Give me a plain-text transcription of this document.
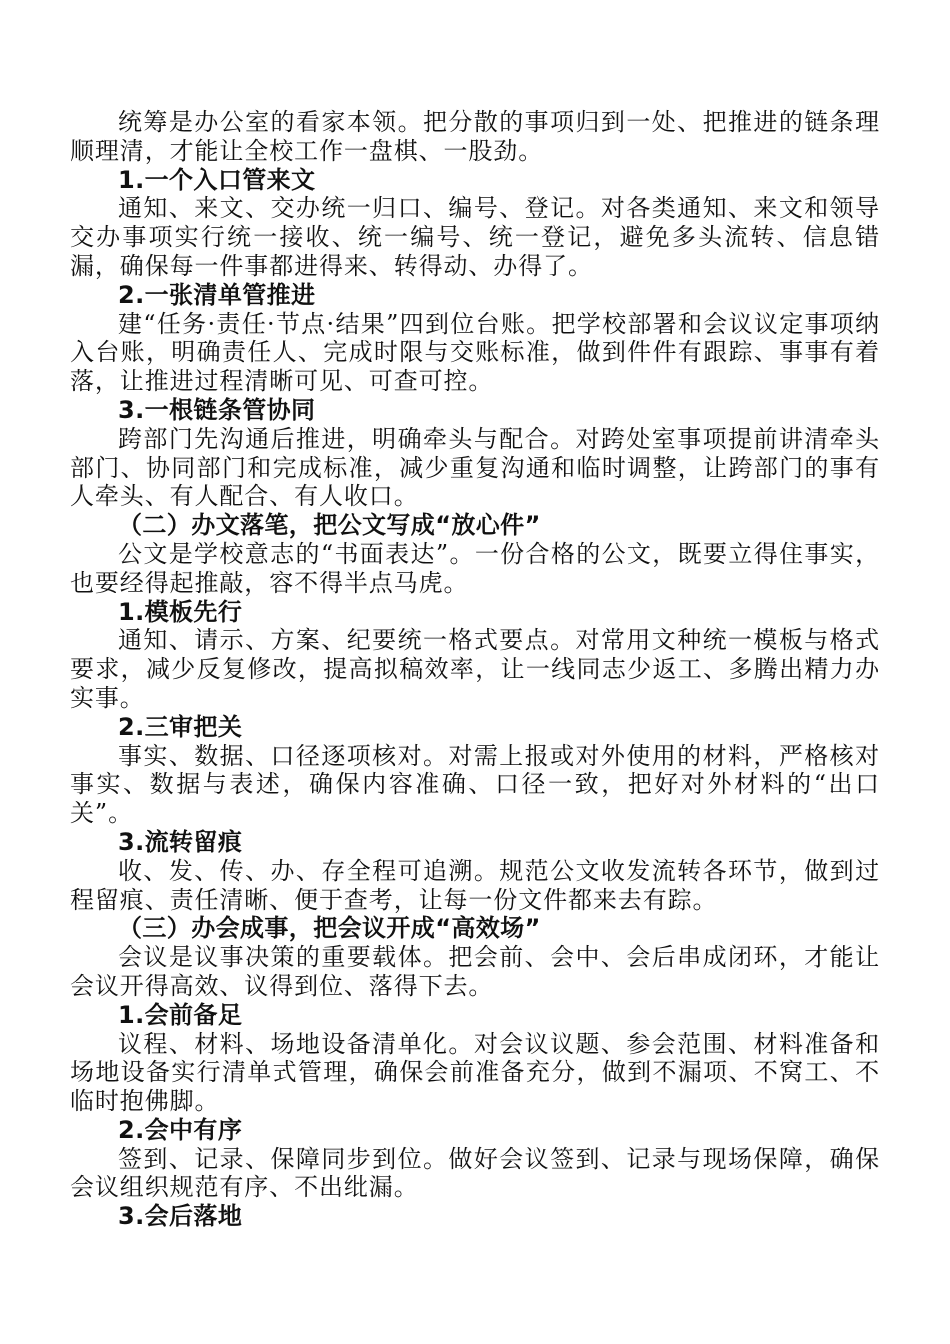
统筹是办公室的看家本领。把分散的事项归到一处、把推进的链条理顺理清，才能让全校工作一盘棋、一股劲。

1.一个入口管来文

通知、来文、交办统一归口、编号、登记。对各类通知、来文和领导交办事项实行统一接收、统一编号、统一登记，避免多头流转、信息错漏，确保每一件事都进得来、转得动、办得了。

2.一张清单管推进

建“任务·责任·节点·结果”四到位台账。把学校部署和会议议定事项纳入台账，明确责任人、完成时限与交账标准，做到件件有跟踪、事事有着落，让推进过程清晰可见、可查可控。

3.一根链条管协同

跨部门先沟通后推进，明确牵头与配合。对跨处室事项提前讲清牵头部门、协同部门和完成标准，减少重复沟通和临时调整，让跨部门的事有人牵头、有人配合、有人收口。

（二）办文落笔，把公文写成“放心件”

公文是学校意志的“书面表达”。一份合格的公文，既要立得住事实，也要经得起推敲，容不得半点马虎。

1.模板先行

通知、请示、方案、纪要统一格式要点。对常用文种统一模板与格式要求，减少反复修改，提高拟稿效率，让一线同志少返工、多腾出精力办实事。

2.三审把关

事实、数据、口径逐项核对。对需上报或对外使用的材料，严格核对事实、数据与表述，确保内容准确、口径一致，把好对外材料的“出口关”。

3.流转留痕

收、发、传、办、存全程可追溯。规范公文收发流转各环节，做到过程留痕、责任清晰、便于查考，让每一份文件都来去有踪。

（三）办会成事，把会议开成“高效场”

会议是议事决策的重要载体。把会前、会中、会后串成闭环，才能让会议开得高效、议得到位、落得下去。

1.会前备足

议程、材料、场地设备清单化。对会议议题、参会范围、材料准备和场地设备实行清单式管理，确保会前准备充分，做到不漏项、不窝工、不临时抱佛脚。

2.会中有序

签到、记录、保障同步到位。做好会议签到、记录与现场保障，确保会议组织规范有序、不出纰漏。

3.会后落地
